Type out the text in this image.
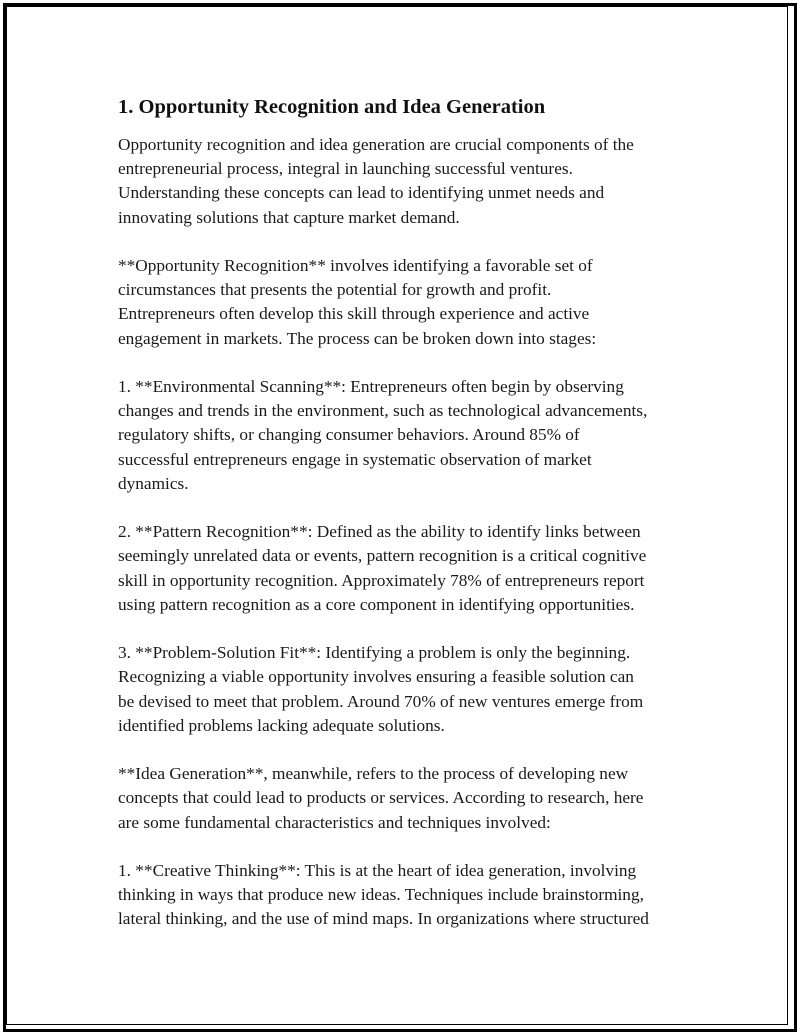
1. Opportunity Recognition and Idea Generation
Opportunity recognition and idea generation are crucial components of the
entrepreneurial process, integral in launching successful ventures.
Understanding these concepts can lead to identifying unmet needs and
innovating solutions that capture market demand.
**Opportunity Recognition** involves identifying a favorable set of
circumstances that presents the potential for growth and profit.
Entrepreneurs often develop this skill through experience and active
engagement in markets. The process can be broken down into stages:
1. **Environmental Scanning**: Entrepreneurs often begin by observing
changes and trends in the environment, such as technological advancements,
regulatory shifts, or changing consumer behaviors. Around 85% of
successful entrepreneurs engage in systematic observation of market
dynamics.
2. **Pattern Recognition**: Defined as the ability to identify links between
seemingly unrelated data or events, pattern recognition is a critical cognitive
skill in opportunity recognition. Approximately 78% of entrepreneurs report
using pattern recognition as a core component in identifying opportunities.
3. **Problem-Solution Fit**: Identifying a problem is only the beginning.
Recognizing a viable opportunity involves ensuring a feasible solution can
be devised to meet that problem. Around 70% of new ventures emerge from
identified problems lacking adequate solutions.
**Idea Generation**, meanwhile, refers to the process of developing new
concepts that could lead to products or services. According to research, here
are some fundamental characteristics and techniques involved:
1. **Creative Thinking**: This is at the heart of idea generation, involving
thinking in ways that produce new ideas. Techniques include brainstorming,
lateral thinking, and the use of mind maps. In organizations where structured
